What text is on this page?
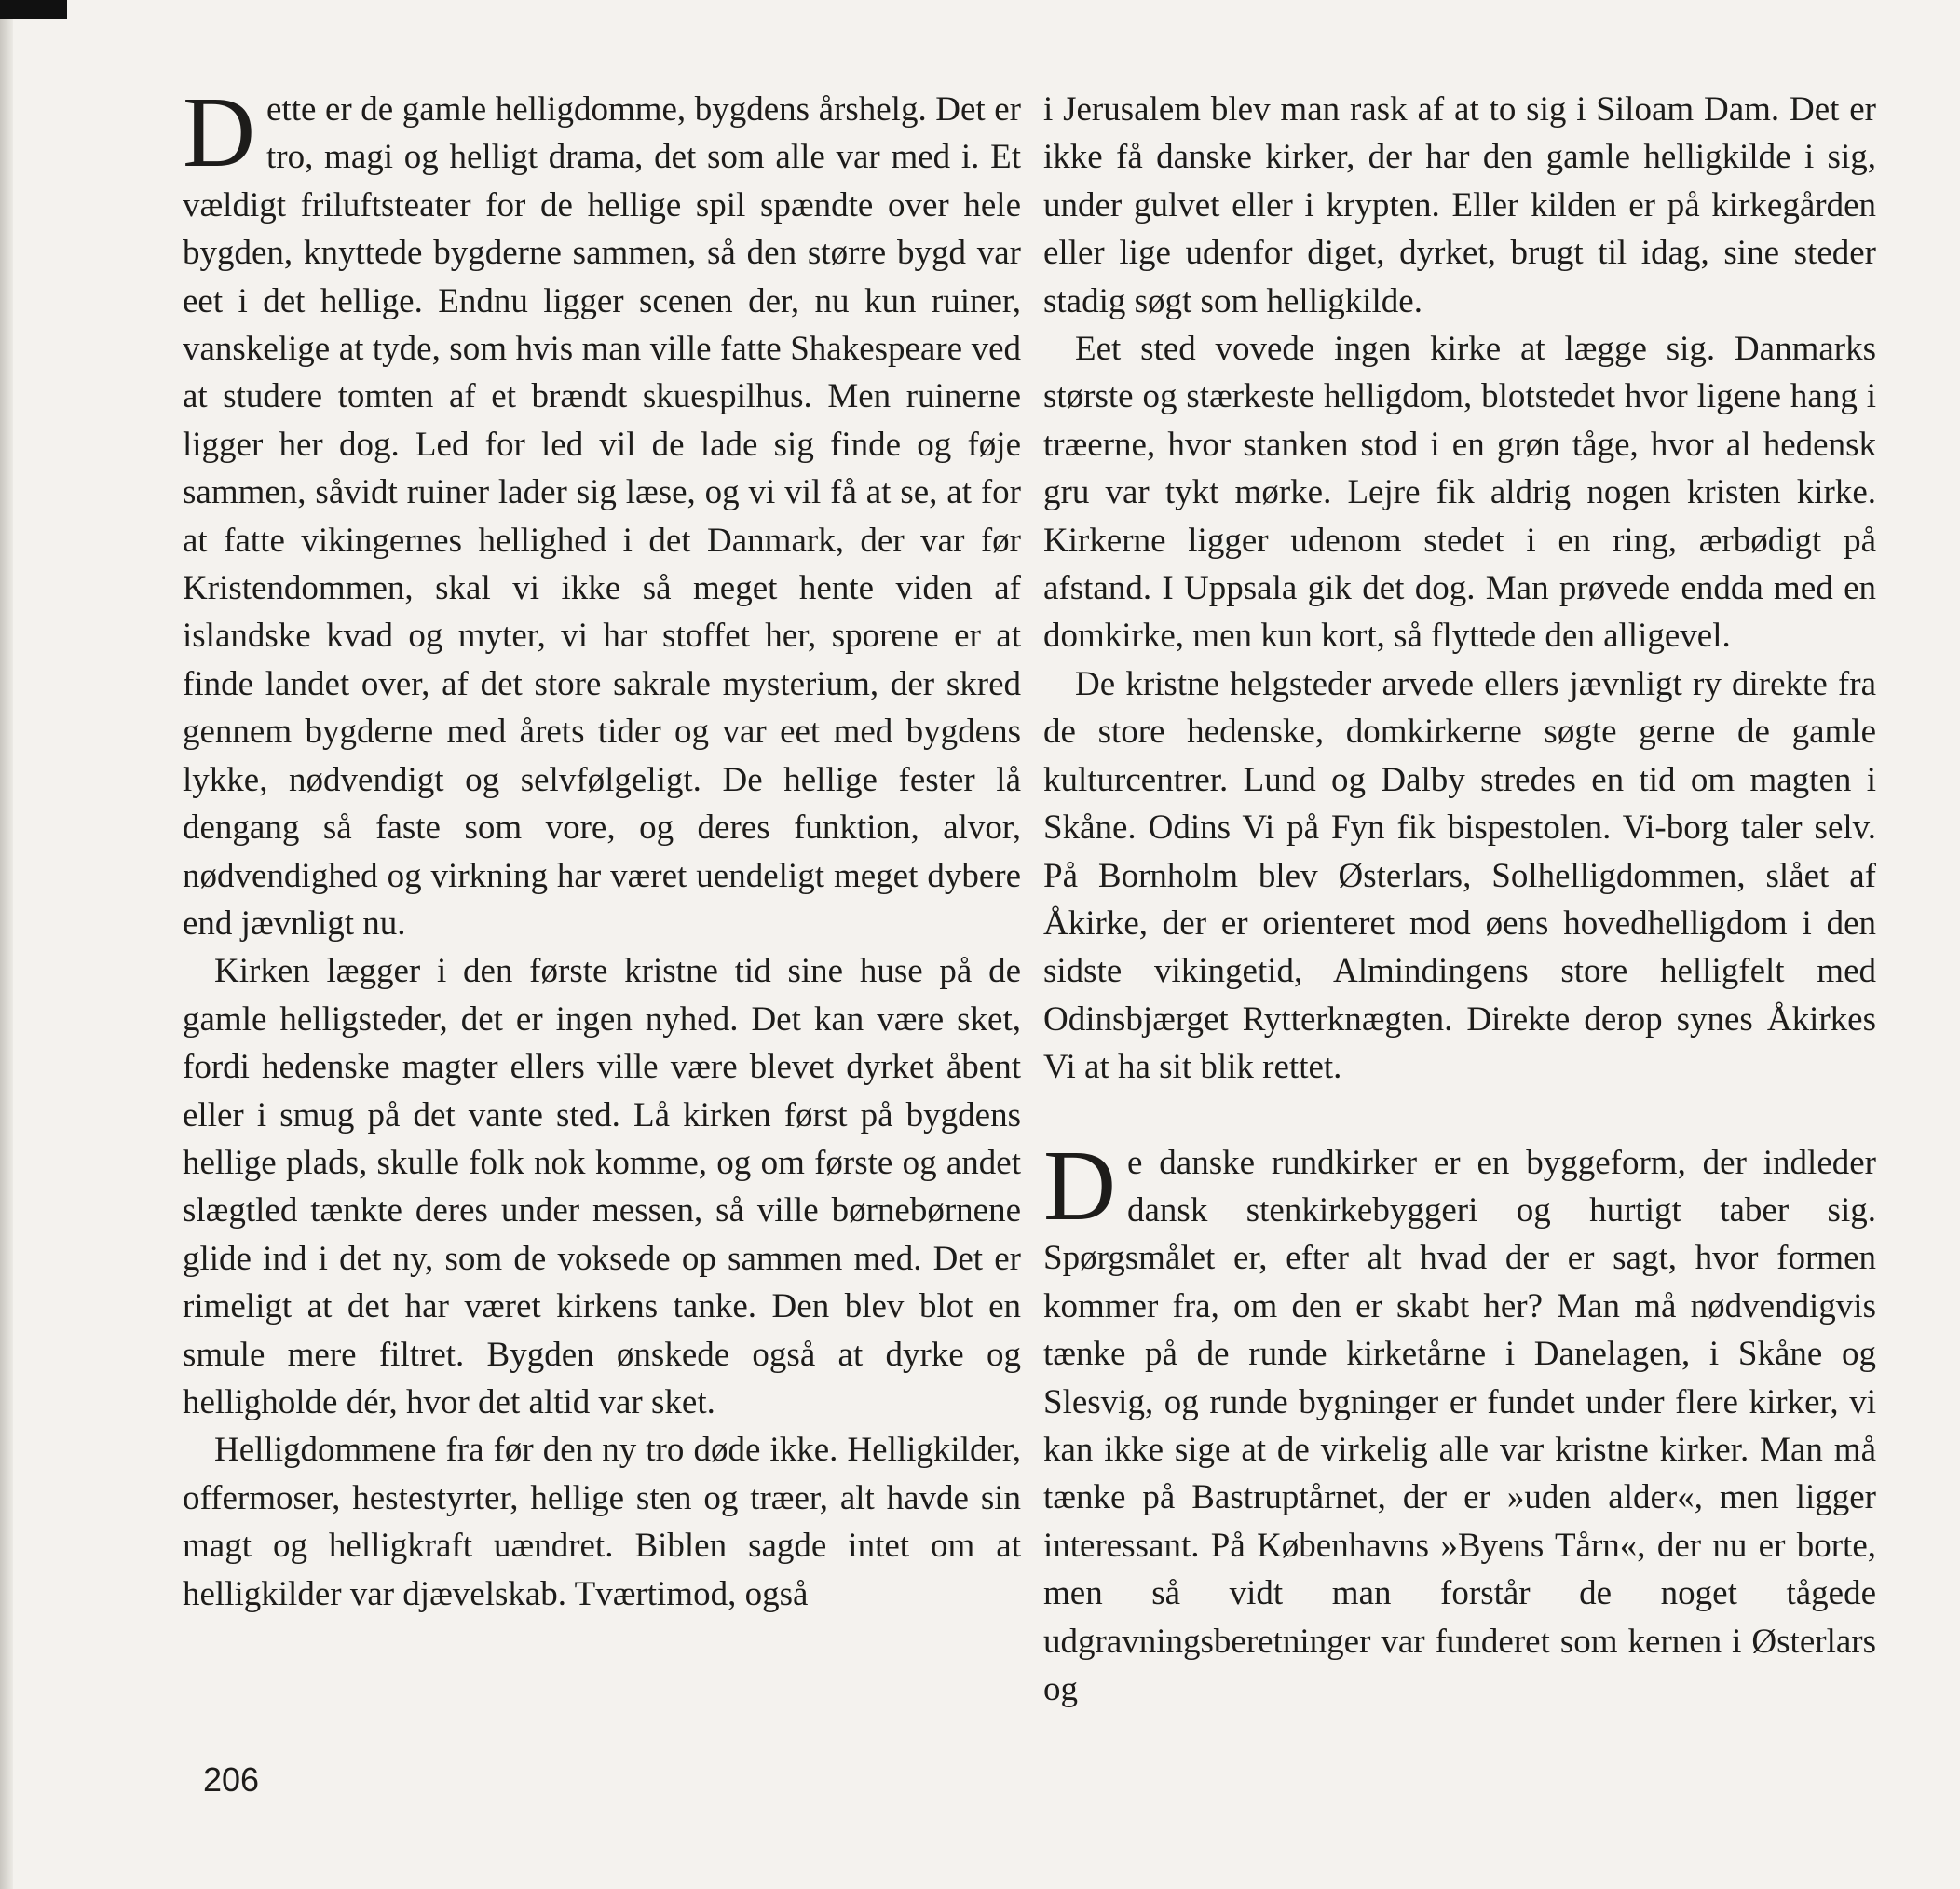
Dette er de gamle helligdomme, bygdens årshelg. Det er tro, magi og helligt drama, det som alle var med i. Et vældigt friluftsteater for de hellige spil spændte over hele bygden, knyttede bygderne sammen, så den større bygd var eet i det hellige. Endnu ligger scenen der, nu kun ruiner, vanskelige at tyde, som hvis man ville fatte Shakespeare ved at studere tomten af et brændt skuespilhus. Men ruinerne ligger her dog. Led for led vil de lade sig finde og føje sammen, såvidt ruiner lader sig læse, og vi vil få at se, at for at fatte vikingernes hellighed i det Danmark, der var før Kristendommen, skal vi ikke så meget hente viden af islandske kvad og myter, vi har stoffet her, sporene er at finde landet over, af det store sakrale mysterium, der skred gennem bygderne med årets tider og var eet med bygdens lykke, nødvendigt og selvfølgeligt. De hellige fester lå dengang så faste som vore, og deres funktion, alvor, nødvendighed og virkning har været uendeligt meget dybere end jævnligt nu.

Kirken lægger i den første kristne tid sine huse på de gamle helligsteder, det er ingen nyhed. Det kan være sket, fordi hedenske magter ellers ville være blevet dyrket åbent eller i smug på det vante sted. Lå kirken først på bygdens hellige plads, skulle folk nok komme, og om første og andet slægtled tænkte deres under messen, så ville børnebørnene glide ind i det ny, som de voksede op sammen med. Det er rimeligt at det har været kirkens tanke. Den blev blot en smule mere filtret. Bygden ønskede også at dyrke og helligholde dér, hvor det altid var sket.

Helligdommene fra før den ny tro døde ikke. Helligkilder, offermoser, hestestyrter, hellige sten og træer, alt havde sin magt og helligkraft uændret. Biblen sagde intet om at helligkilder var djævelskab. Tværtimod, også

i Jerusalem blev man rask af at to sig i Siloam Dam. Det er ikke få danske kirker, der har den gamle helligkilde i sig, under gulvet eller i krypten. Eller kilden er på kirkegården eller lige udenfor diget, dyrket, brugt til idag, sine steder stadig søgt som helligkilde.

Eet sted vovede ingen kirke at lægge sig. Danmarks største og stærkeste helligdom, blotstedet hvor ligene hang i træerne, hvor stanken stod i en grøn tåge, hvor al hedensk gru var tykt mørke. Lejre fik aldrig nogen kristen kirke. Kirkerne ligger udenom stedet i en ring, ærbødigt på afstand. I Uppsala gik det dog. Man prøvede endda med en domkirke, men kun kort, så flyttede den alligevel.

De kristne helgsteder arvede ellers jævnligt ry direkte fra de store hedenske, domkirkerne søgte gerne de gamle kulturcentrer. Lund og Dalby stredes en tid om magten i Skåne. Odins Vi på Fyn fik bispestolen. Vi-borg taler selv. På Bornholm blev Østerlars, Solhelligdommen, slået af Åkirke, der er orienteret mod øens hovedhelligdom i den sidste vikingetid, Almindingens store helligfelt med Odinsbjærget Rytterknægten. Direkte derop synes Åkirkes Vi at ha sit blik rettet.

De danske rundkirker er en byggeform, der indleder dansk stenkirkebyggeri og hurtigt taber sig. Spørgsmålet er, efter alt hvad der er sagt, hvor formen kommer fra, om den er skabt her? Man må nødvendigvis tænke på de runde kirketårne i Danelagen, i Skåne og Slesvig, og runde bygninger er fundet under flere kirker, vi kan ikke sige at de virkelig alle var kristne kirker. Man må tænke på Bastruptårnet, der er »uden alder«, men ligger interessant. På Københavns »Byens Tårn«, der nu er borte, men så vidt man forstår de noget tågede udgravningsberetninger var funderet som kernen i Østerlars og

206
